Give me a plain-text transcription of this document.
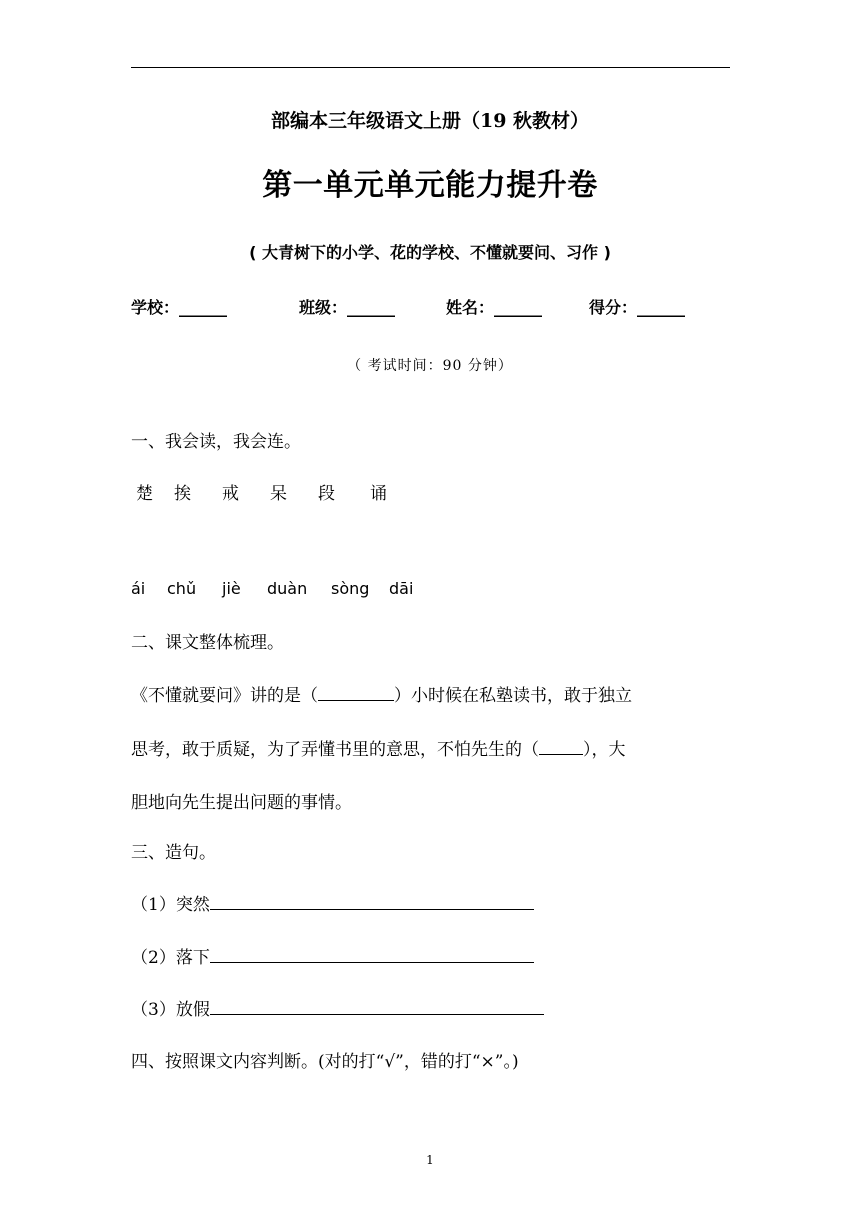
部编本三年级语文上册（19 秋教材）
第一单元单元能力提升卷
( 大青树下的小学、花的学校、不懂就要问、习作 )
学校：______	班级：______	姓名：______	得分：______
（ 考试时间：90 分钟）
一、我会读，我会连。
楚 挨 戒 呆 段 诵
ái chǔ jiè duàn sòng dāi
二、课文整体梳理。
《不懂就要问》讲的是（	）小时候在私塾读书，敢于独立
思考，敢于质疑，为了弄懂书里的意思，不怕先生的（	），大
胆地向先生提出问题的事情。
三、造句。
（1）突然
（2）落下
（3）放假
四、按照课文内容判断。(对的打“√”，错的打“×”。)
1
